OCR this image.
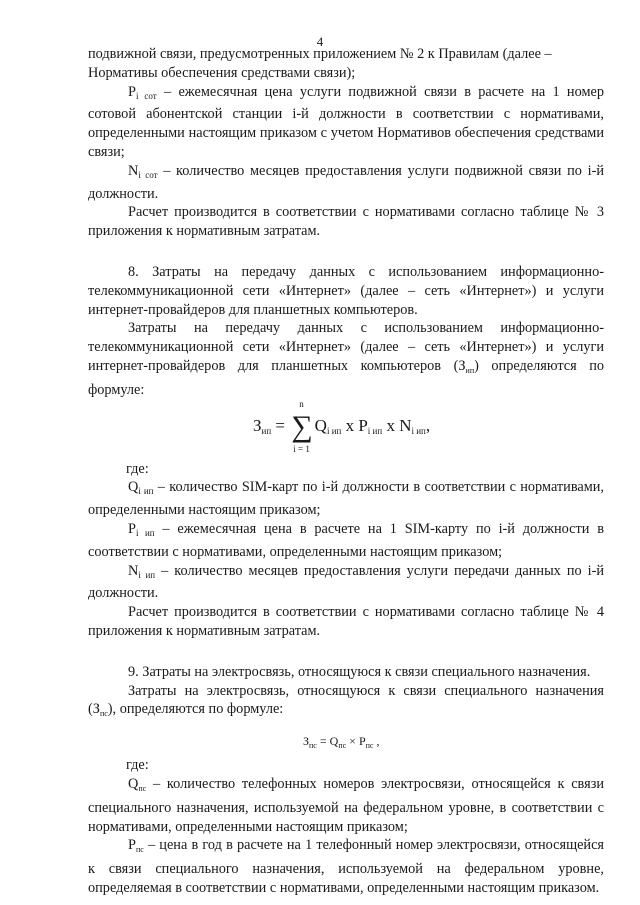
4

подвижной связи, предусмотренных приложением № 2 к Правилам (далее –
Нормативы обеспечения средствами связи);

$P_{i сот}$ – ежемесячная цена услуги подвижной связи в расчете на 1 номер сотовой абонентской станции i-й должности в соответствии с нормативами, определенными настоящим приказом с учетом Нормативов обеспечения средствами связи;

$N_{i сот}$ – количество месяцев предоставления услуги подвижной связи по i-й должности.

Расчет производится в соответствии с нормативами согласно таблице № 3 приложения к нормативным затратам.

8. Затраты на передачу данных с использованием информационно-телекоммуникационной сети «Интернет» (далее – сеть «Интернет») и услуги интернет-провайдеров для планшетных компьютеров.

Затраты на передачу данных с использованием информационно-телекоммуникационной сети «Интернет» (далее – сеть «Интернет») и услуги интернет-провайдеров для планшетных компьютеров $(З_{ип})$ определяются по формуле:

$З_{ип}$ = ∑
n
i = 1
$Q_{i ип}$ x $P_{i ип}$ x $N_{i ип}$,

где:

$Q_{i ип}$ – количество SIM-карт по i-й должности в соответствии с нормативами, определенными настоящим приказом;

$P_{i ип}$ – ежемесячная цена в расчете на 1 SIM-карту по i-й должности в соответствии с нормативами, определенными настоящим приказом;

$N_{i ип}$ – количество месяцев предоставления услуги передачи данных по i-й должности.

Расчет производится в соответствии с нормативами согласно таблице № 4 приложения к нормативным затратам.

9. Затраты на электросвязь, относящуюся к связи специального назначения.

Затраты на электросвязь, относящуюся к связи специального назначения $(З_{пс})$, определяются по формуле:

$З_{пс} = Q_{пс} \times P_{пс}$ ,

где:

$Q_{пс}$ – количество телефонных номеров электросвязи, относящейся к связи специального назначения, используемой на федеральном уровне, в соответствии с нормативами, определенными настоящим приказом;

$P_{пс}$ – цена в год в расчете на 1 телефонный номер электросвязи, относящейся к связи специального назначения, используемой на федеральном уровне, определяемая в соответствии с нормативами, определенными настоящим приказом.
